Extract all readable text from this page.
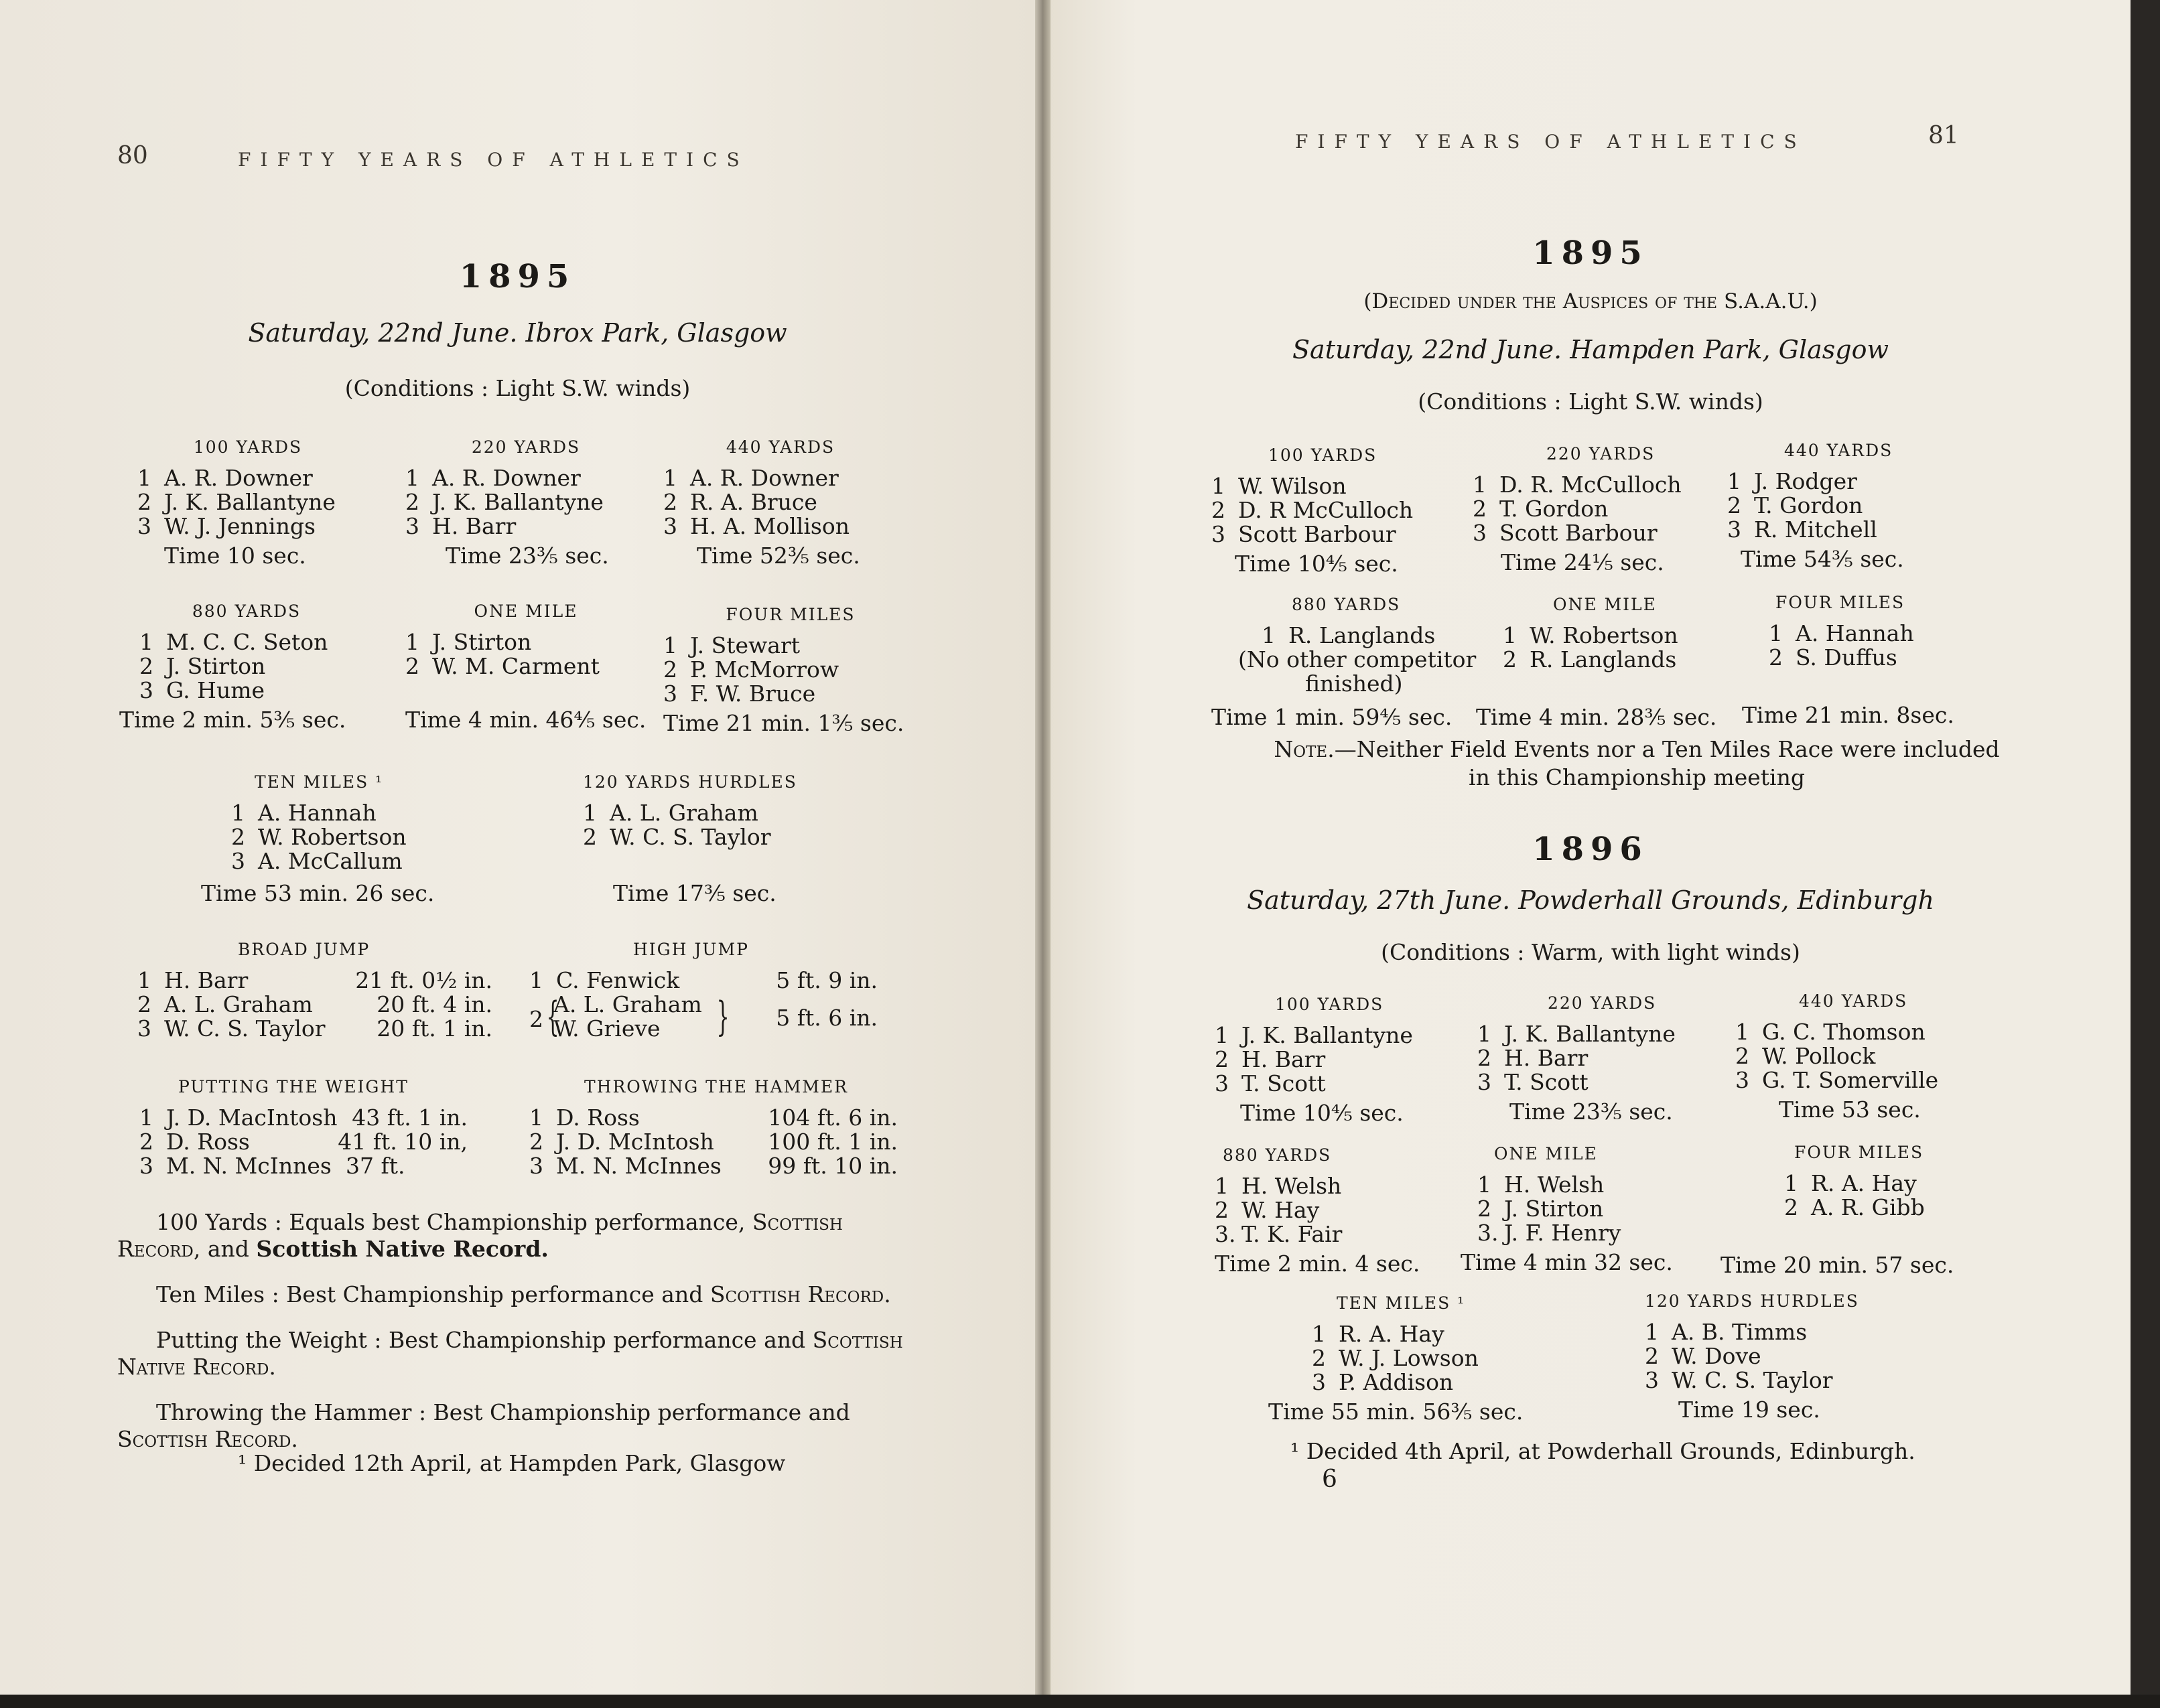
80	FIFTY YEARS OF ATHLETICS
1895
Saturday, 22nd June. Ibrox Park, Glasgow
(Conditions : Light S.W. winds)
100 YARDS
1 A. R. Downer
2 J. K. Ballantyne
3 W. J. Jennings
Time 10 sec.
220 YARDS
1 A. R. Downer
2 J. K. Ballantyne
3 H. Barr
Time 23⅗ sec.
440 YARDS
1 A. R. Downer
2 R. A. Bruce
3 H. A. Mollison
Time 52⅗ sec.
880 YARDS
1 M. C. C. Seton
2 J. Stirton
3 G. Hume
Time 2 min. 5⅗ sec.
ONE MILE
1 J. Stirton
2 W. M. Carment
Time 4 min. 46⅘ sec.
FOUR MILES
1 J. Stewart
2 P. McMorrow
3 F. W. Bruce
Time 21 min. 1⅗ sec.
TEN MILES ¹
1 A. Hannah
2 W. Robertson
3 A. McCallum
Time 53 min. 26 sec.
120 YARDS HURDLES
1 A. L. Graham
2 W. C. S. Taylor
Time 17⅗ sec.
BROAD JUMP
1 H. Barr	21 ft. 0½ in.
2 A. L. Graham	20 ft. 4 in.
3 W. C. S. Taylor 20 ft. 1 in.
HIGH JUMP
1 C. Fenwick	5 ft. 9 in.
2 {
A. L. Graham
W. Grieve } 5 ft. 6 in.
PUTTING THE WEIGHT
1 J. D. MacIntosh 43 ft. 1 in.
2 D. Ross	41 ft. 10 in,
3 M. N. McInnes 37 ft.
THROWING THE HAMMER
1 D. Ross	104 ft. 6 in.
2 J. D. McIntosh 100 ft. 1 in.
3 M. N. McInnes 99 ft. 10 in.
100 Yards : Equals best Championship performance, Scottish
Record, and Scottish Native Record.
Ten Miles : Best Championship performance and Scottish Record.
Putting the Weight : Best Championship performance and Scottish
Native Record.
Throwing the Hammer : Best Championship performance and
Scottish Record.
¹ Decided 12th April, at Hampden Park, Glasgow
FIFTY YEARS OF ATHLETICS	81
1895
(Decided under the Auspices of the S.A.A.U.)
Saturday, 22nd June. Hampden Park, Glasgow
(Conditions : Light S.W. winds)
100 YARDS
1 W. Wilson
2 D. R McCulloch
3 Scott Barbour
Time 10⅘ sec.
220 YARDS
1 D. R. McCulloch
2 T. Gordon
3 Scott Barbour
Time 24⅕ sec.
440 YARDS
1 J. Rodger
2 T. Gordon
3 R. Mitchell
Time 54⅗ sec.
880 YARDS
1 R. Langlands
(No other competitor
finished)
Time 1 min. 59⅘ sec.
ONE MILE
1 W. Robertson
2 R. Langlands
Time 4 min. 28⅗ sec.
FOUR MILES
1 A. Hannah
2 S. Duffus
Time 21 min. 8sec.
Note.—Neither Field Events nor a Ten Miles Race were included
in this Championship meeting
1896
Saturday, 27th June. Powderhall Grounds, Edinburgh
(Conditions : Warm, with light winds)
100 YARDS
1 J. K. Ballantyne
2 H. Barr
3 T. Scott
Time 10⅘ sec.
220 YARDS
1 J. K. Ballantyne
2 H. Barr
3 T. Scott
Time 23⅗ sec.
440 YARDS
1 G. C. Thomson
2 W. Pollock
3 G. T. Somerville
Time 53 sec.
880 YARDS
1 H. Welsh
2 W. Hay
3. T. K. Fair
Time 2 min. 4 sec.
ONE MILE
1 H. Welsh
2 J. Stirton
3. J. F. Henry
Time 4 min 32 sec.
FOUR MILES
1 R. A. Hay
2 A. R. Gibb
Time 20 min. 57 sec.
TEN MILES ¹
1 R. A. Hay
2 W. J. Lowson
3 P. Addison
Time 55 min. 56⅗ sec.
120 YARDS HURDLES
1 A. B. Timms
2 W. Dove
3 W. C. S. Taylor
Time 19 sec.
¹ Decided 4th April, at Powderhall Grounds, Edinburgh.
6
